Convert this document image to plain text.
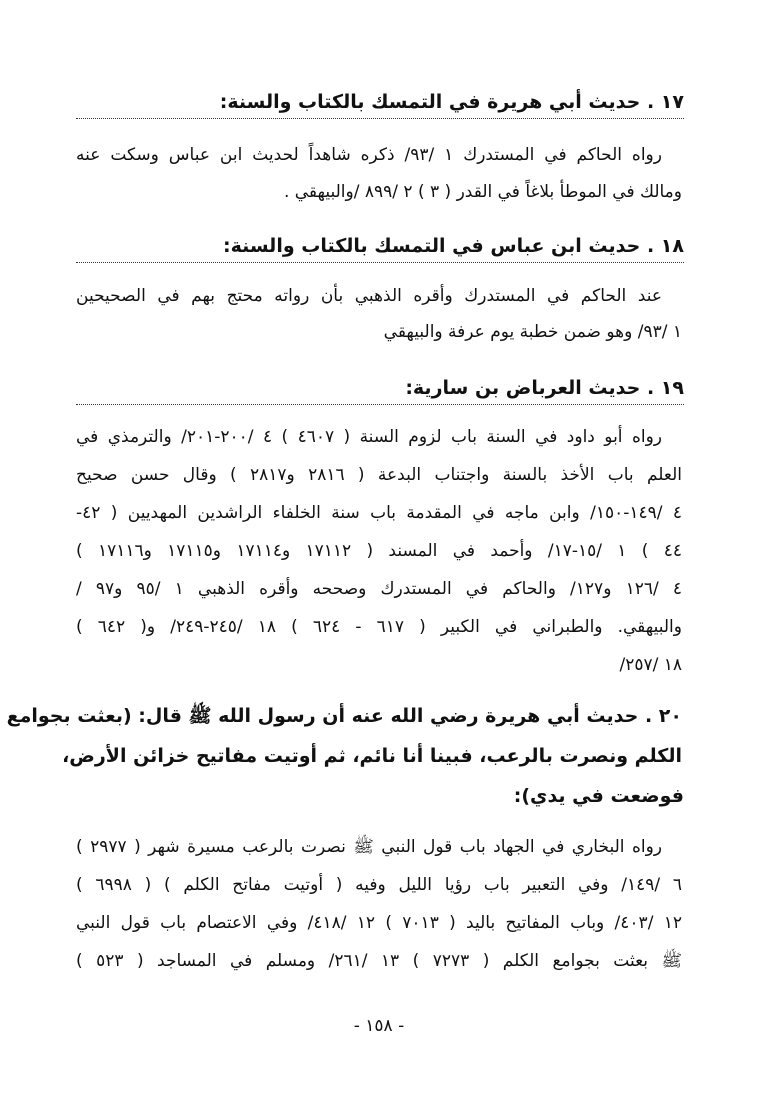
١٧ . حديث أبي هريرة في التمسك بالكتاب والسنة:
رواه الحاكم في المستدرك ١ /٩٣/ ذكره شاهداً لحديث ابن عباس وسكت عنه
ومالك في الموطأ بلاغاً في القدر ( ٣ ) ٢ /٨٩٩ /والبيهقي .
١٨ . حديث ابن عباس في التمسك بالكتاب والسنة:
عند الحاكم في المستدرك وأقره الذهبي بأن رواته محتج بهم في الصحيحين
١ /٩٣/ وهو ضمن خطبة يوم عرفة والبيهقي
١٩ . حديث العرباض بن سارية:
رواه أبو داود في السنة باب لزوم السنة ( ٤٦٠٧ ) ٤ /٢٠٠-٢٠١/ والترمذي في
العلم باب الأخذ بالسنة واجتناب البدعة ( ٢٨١٦ و٢٨١٧ ) وقال حسن صحيح
٤ /١٤٩-١٥٠/ وابن ماجه في المقدمة باب سنة الخلفاء الراشدين المهديين ( ٤٢-
٤٤ ) ١ /١٥-١٧/ وأحمد في المسند ( ١٧١١٢ و١٧١١٤ و١٧١١٥ و١٧١١٦ )
٤ /١٢٦ و١٢٧/ والحاكم في المستدرك وصححه وأقره الذهبي ١ /٩٥ و٩٧ /
والبيهقي. والطبراني في الكبير ( ٦١٧ - ٦٢٤ ) ١٨ /٢٤٥-٢٤٩/ و( ٦٤٢ )
١٨ /٢٥٧/
٢٠ . حديث أبي هريرة رضي الله عنه أن رسول الله ﷺ قال: (بعثت بجوامع
الكلم ونصرت بالرعب، فبينا أنا نائم، ثم أوتيت مفاتيح خزائن الأرض،
فوضعت في يدي):
رواه البخاري في الجهاد باب قول النبي ﷺ نصرت بالرعب مسيرة شهر ( ٢٩٧٧ )
٦ /١٤٩/ وفي التعبير باب رؤيا الليل وفيه ( أوتيت مفاتح الكلم ) ( ٦٩٩٨ )
١٢ /٤٠٣/ وباب المفاتيح باليد ( ٧٠١٣ ) ١٢ /٤١٨/ وفي الاعتصام باب قول النبي
ﷺ بعثت بجوامع الكلم ( ٧٢٧٣ ) ١٣ /٢٦١/ ومسلم في المساجد ( ٥٢٣ )
- ١٥٨ -
